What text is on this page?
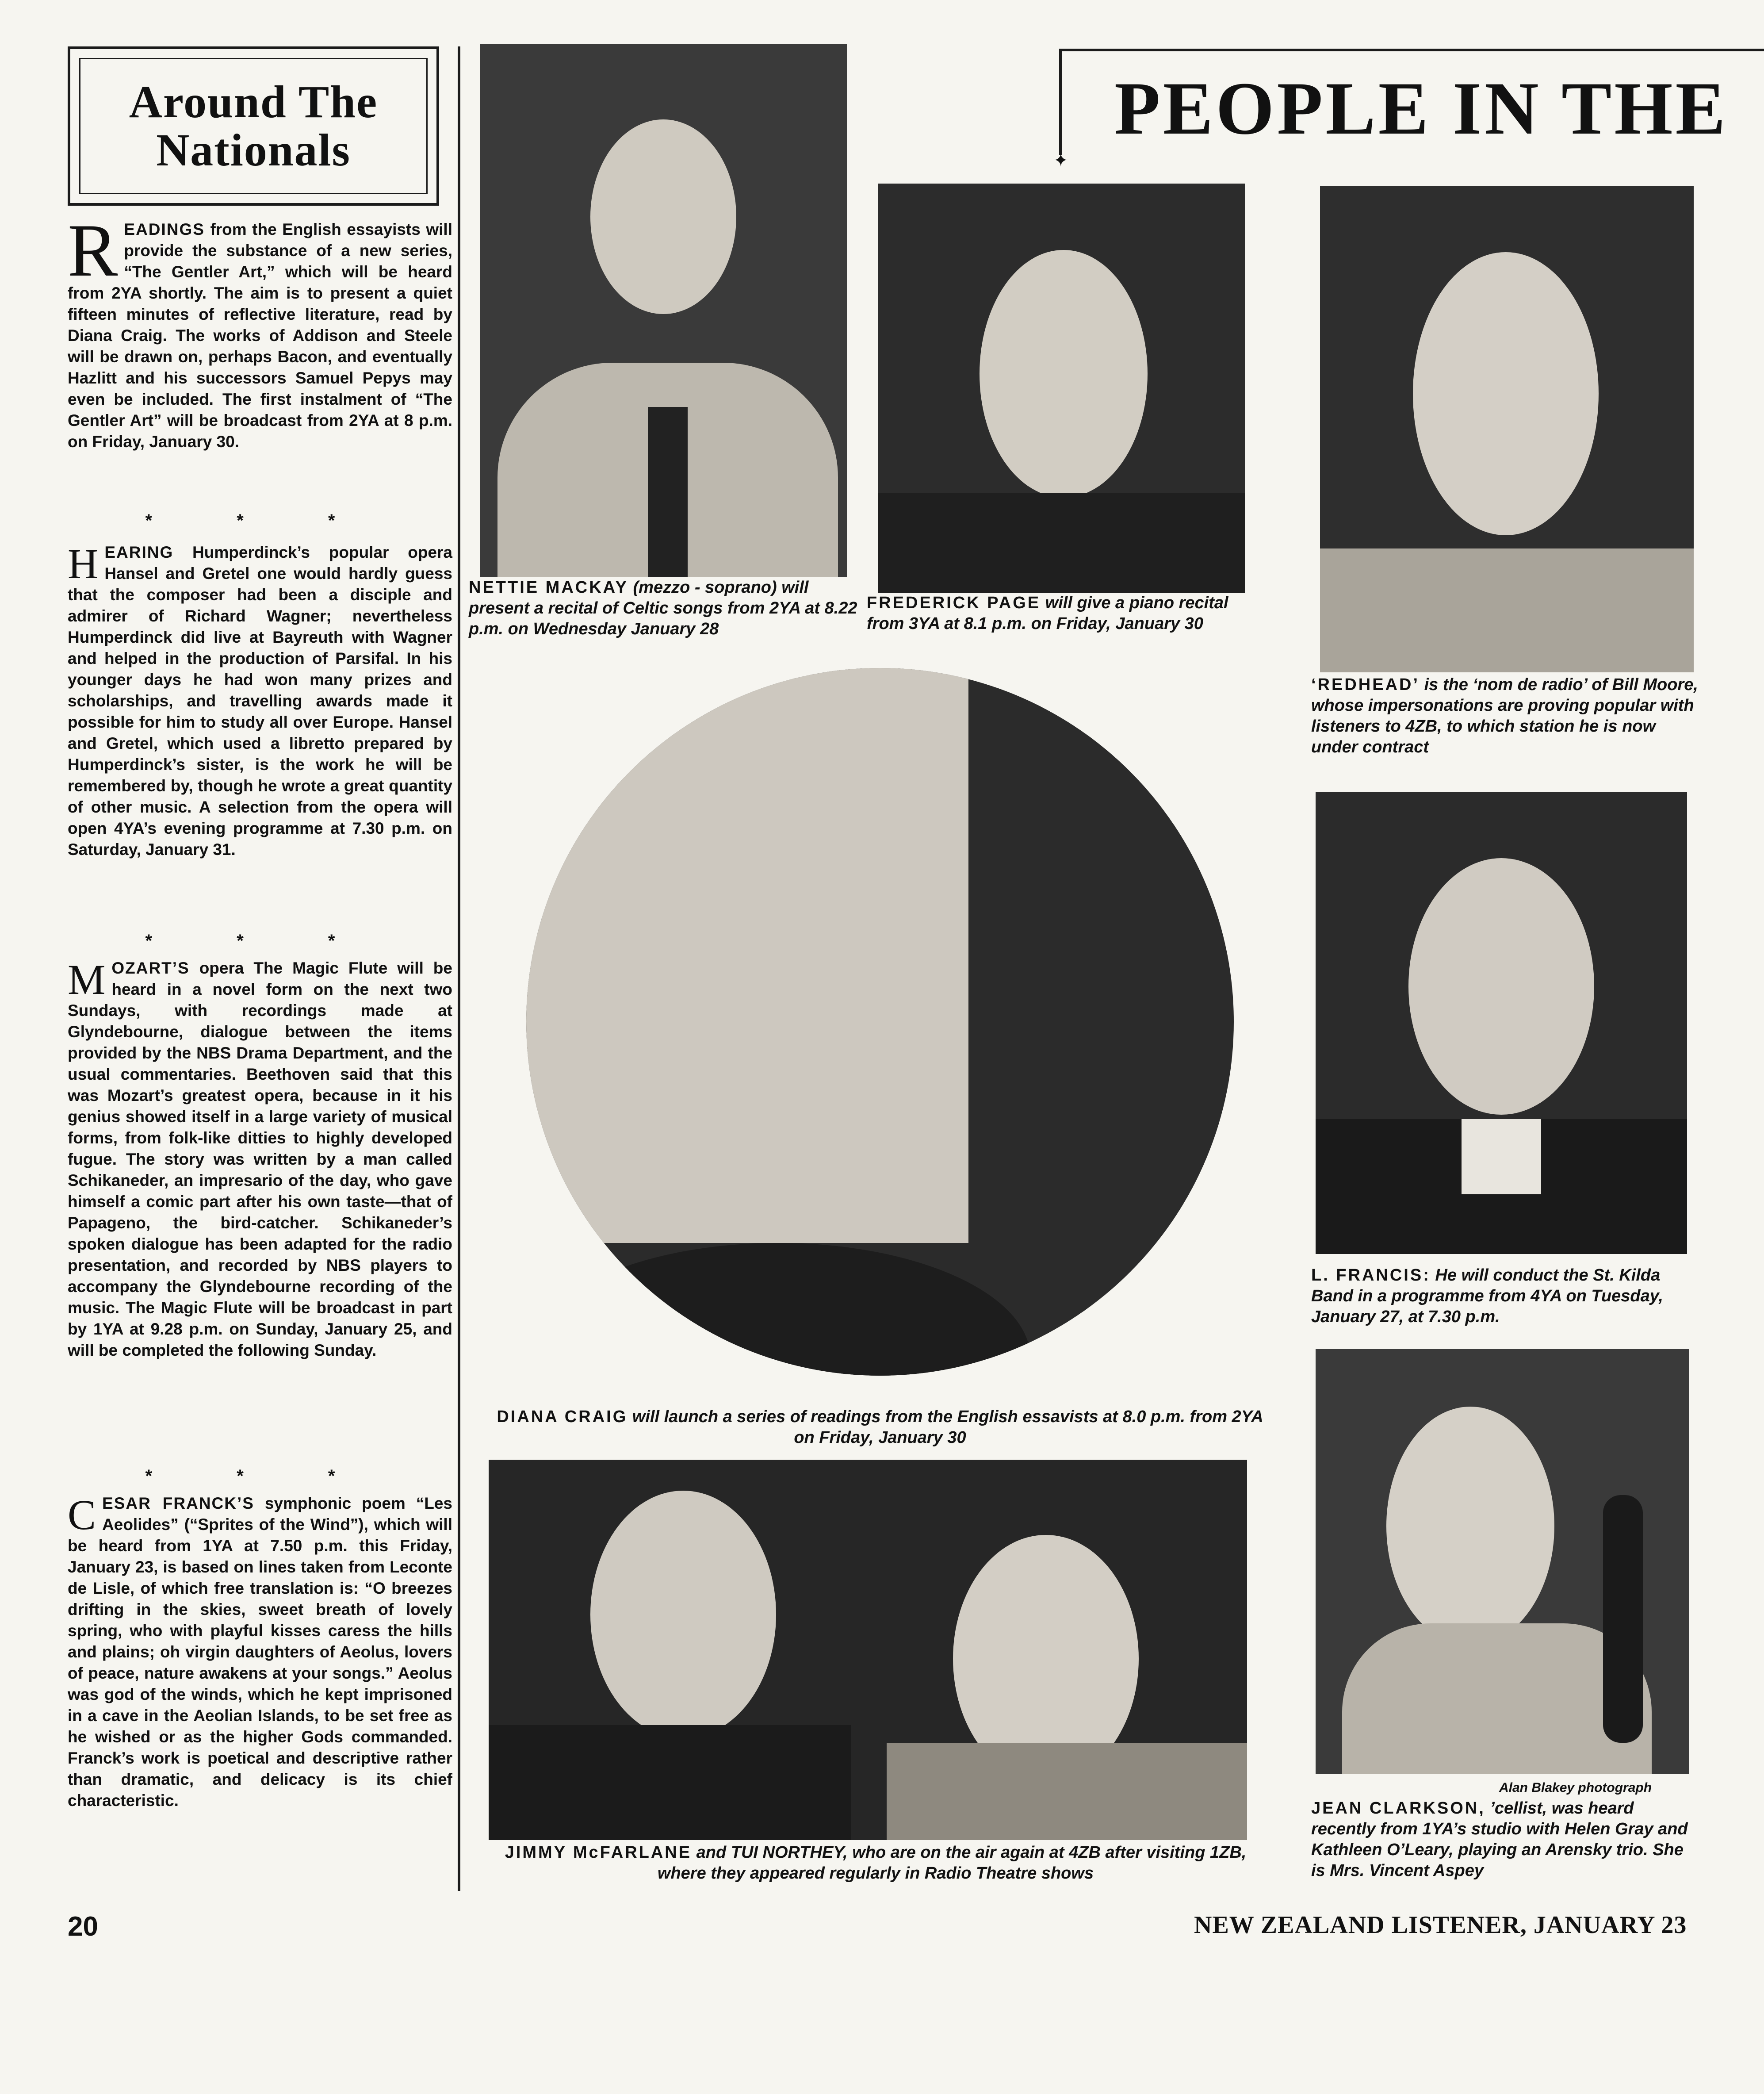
Around The
Nationals
READINGS from the English essayists will provide the substance of a new series, “The Gentler Art,” which will be heard from 2YA shortly. The aim is to present a quiet fifteen minutes of reflective literature, read by Diana Craig. The works of Addison and Steele will be drawn on, perhaps Bacon, and eventually Hazlitt and his successors Samuel Pepys may even be included. The first instalment of “The Gentler Art” will be broadcast from 2YA at 8 p.m. on Friday, January 30.
* * *
HEARING Humperdinck’s popular opera Hansel and Gretel one would hardly guess that the composer had been a disciple and admirer of Richard Wagner; nevertheless Humperdinck did live at Bayreuth with Wagner and helped in the production of Parsifal. In his younger days he had won many prizes and scholarships, and travelling awards made it possible for him to study all over Europe. Hansel and Gretel, which used a libretto prepared by Humperdinck’s sister, is the work he will be remembered by, though he wrote a great quantity of other music. A selection from the opera will open 4YA’s evening programme at 7.30 p.m. on Saturday, January 31.
* * *
MOZART’S opera The Magic Flute will be heard in a novel form on the next two Sundays, with recordings made at Glyndebourne, dialogue between the items provided by the NBS Drama Department, and the usual commentaries. Beethoven said that this was Mozart’s greatest opera, because in it his genius showed itself in a large variety of musical forms, from folk-like ditties to highly developed fugue. The story was written by a man called Schikaneder, an impresario of the day, who gave himself a comic part after his own taste—that of Papageno, the bird-catcher. Schikaneder’s spoken dialogue has been adapted for the radio presentation, and recorded by NBS players to accompany the Glyndebourne recording of the music. The Magic Flute will be broadcast in part by 1YA at 9.28 p.m. on Sunday, January 25, and will be completed the following Sunday.
* * *
CESAR FRANCK’S symphonic poem “Les Aeolides” (“Sprites of the Wind”), which will be heard from 1YA at 7.50 p.m. this Friday, January 23, is based on lines taken from Leconte de Lisle, of which free translation is: “O breezes drifting in the skies, sweet breath of lovely spring, who with playful kisses caress the hills and plains; oh virgin daughters of Aeolus, lovers of peace, nature awakens at your songs.” Aeolus was god of the winds, which he kept imprisoned in a cave in the Aeolian Islands, to be set free as he wished or as the higher Gods commanded. Franck’s work is poetical and descriptive rather than dramatic, and delicacy is its chief characteristic.
PEOPLE IN THE
✦
NETTIE MACKAY (mezzo - soprano) will present a recital of Celtic songs from 2YA at 8.22 p.m. on Wednesday January 28
FREDERICK PAGE will give a piano recital from 3YA at 8.1 p.m. on Friday, January 30
‘REDHEAD’ is the ‘nom de radio’ of Bill Moore, whose impersonations are proving popular with listeners to 4ZB, to which station he is now under contract
L. FRANCIS: He will conduct the St. Kilda Band in a programme from 4YA on Tuesday, January 27, at 7.30 p.m.
DIANA CRAIG will launch a series of readings from the English essavists at 8.0 p.m. from 2YA on Friday, January 30
JIMMY McFARLANE and TUI NORTHEY, who are on the air again at 4ZB after visiting 1ZB, where they appeared regularly in Radio Theatre shows
Alan Blakey photograph
JEAN CLARKSON, ’cellist, was heard recently from 1YA’s studio with Helen Gray and Kathleen O’Leary, playing an Arensky trio. She is Mrs. Vincent Aspey
20	NEW ZEALAND LISTENER, JANUARY 23
